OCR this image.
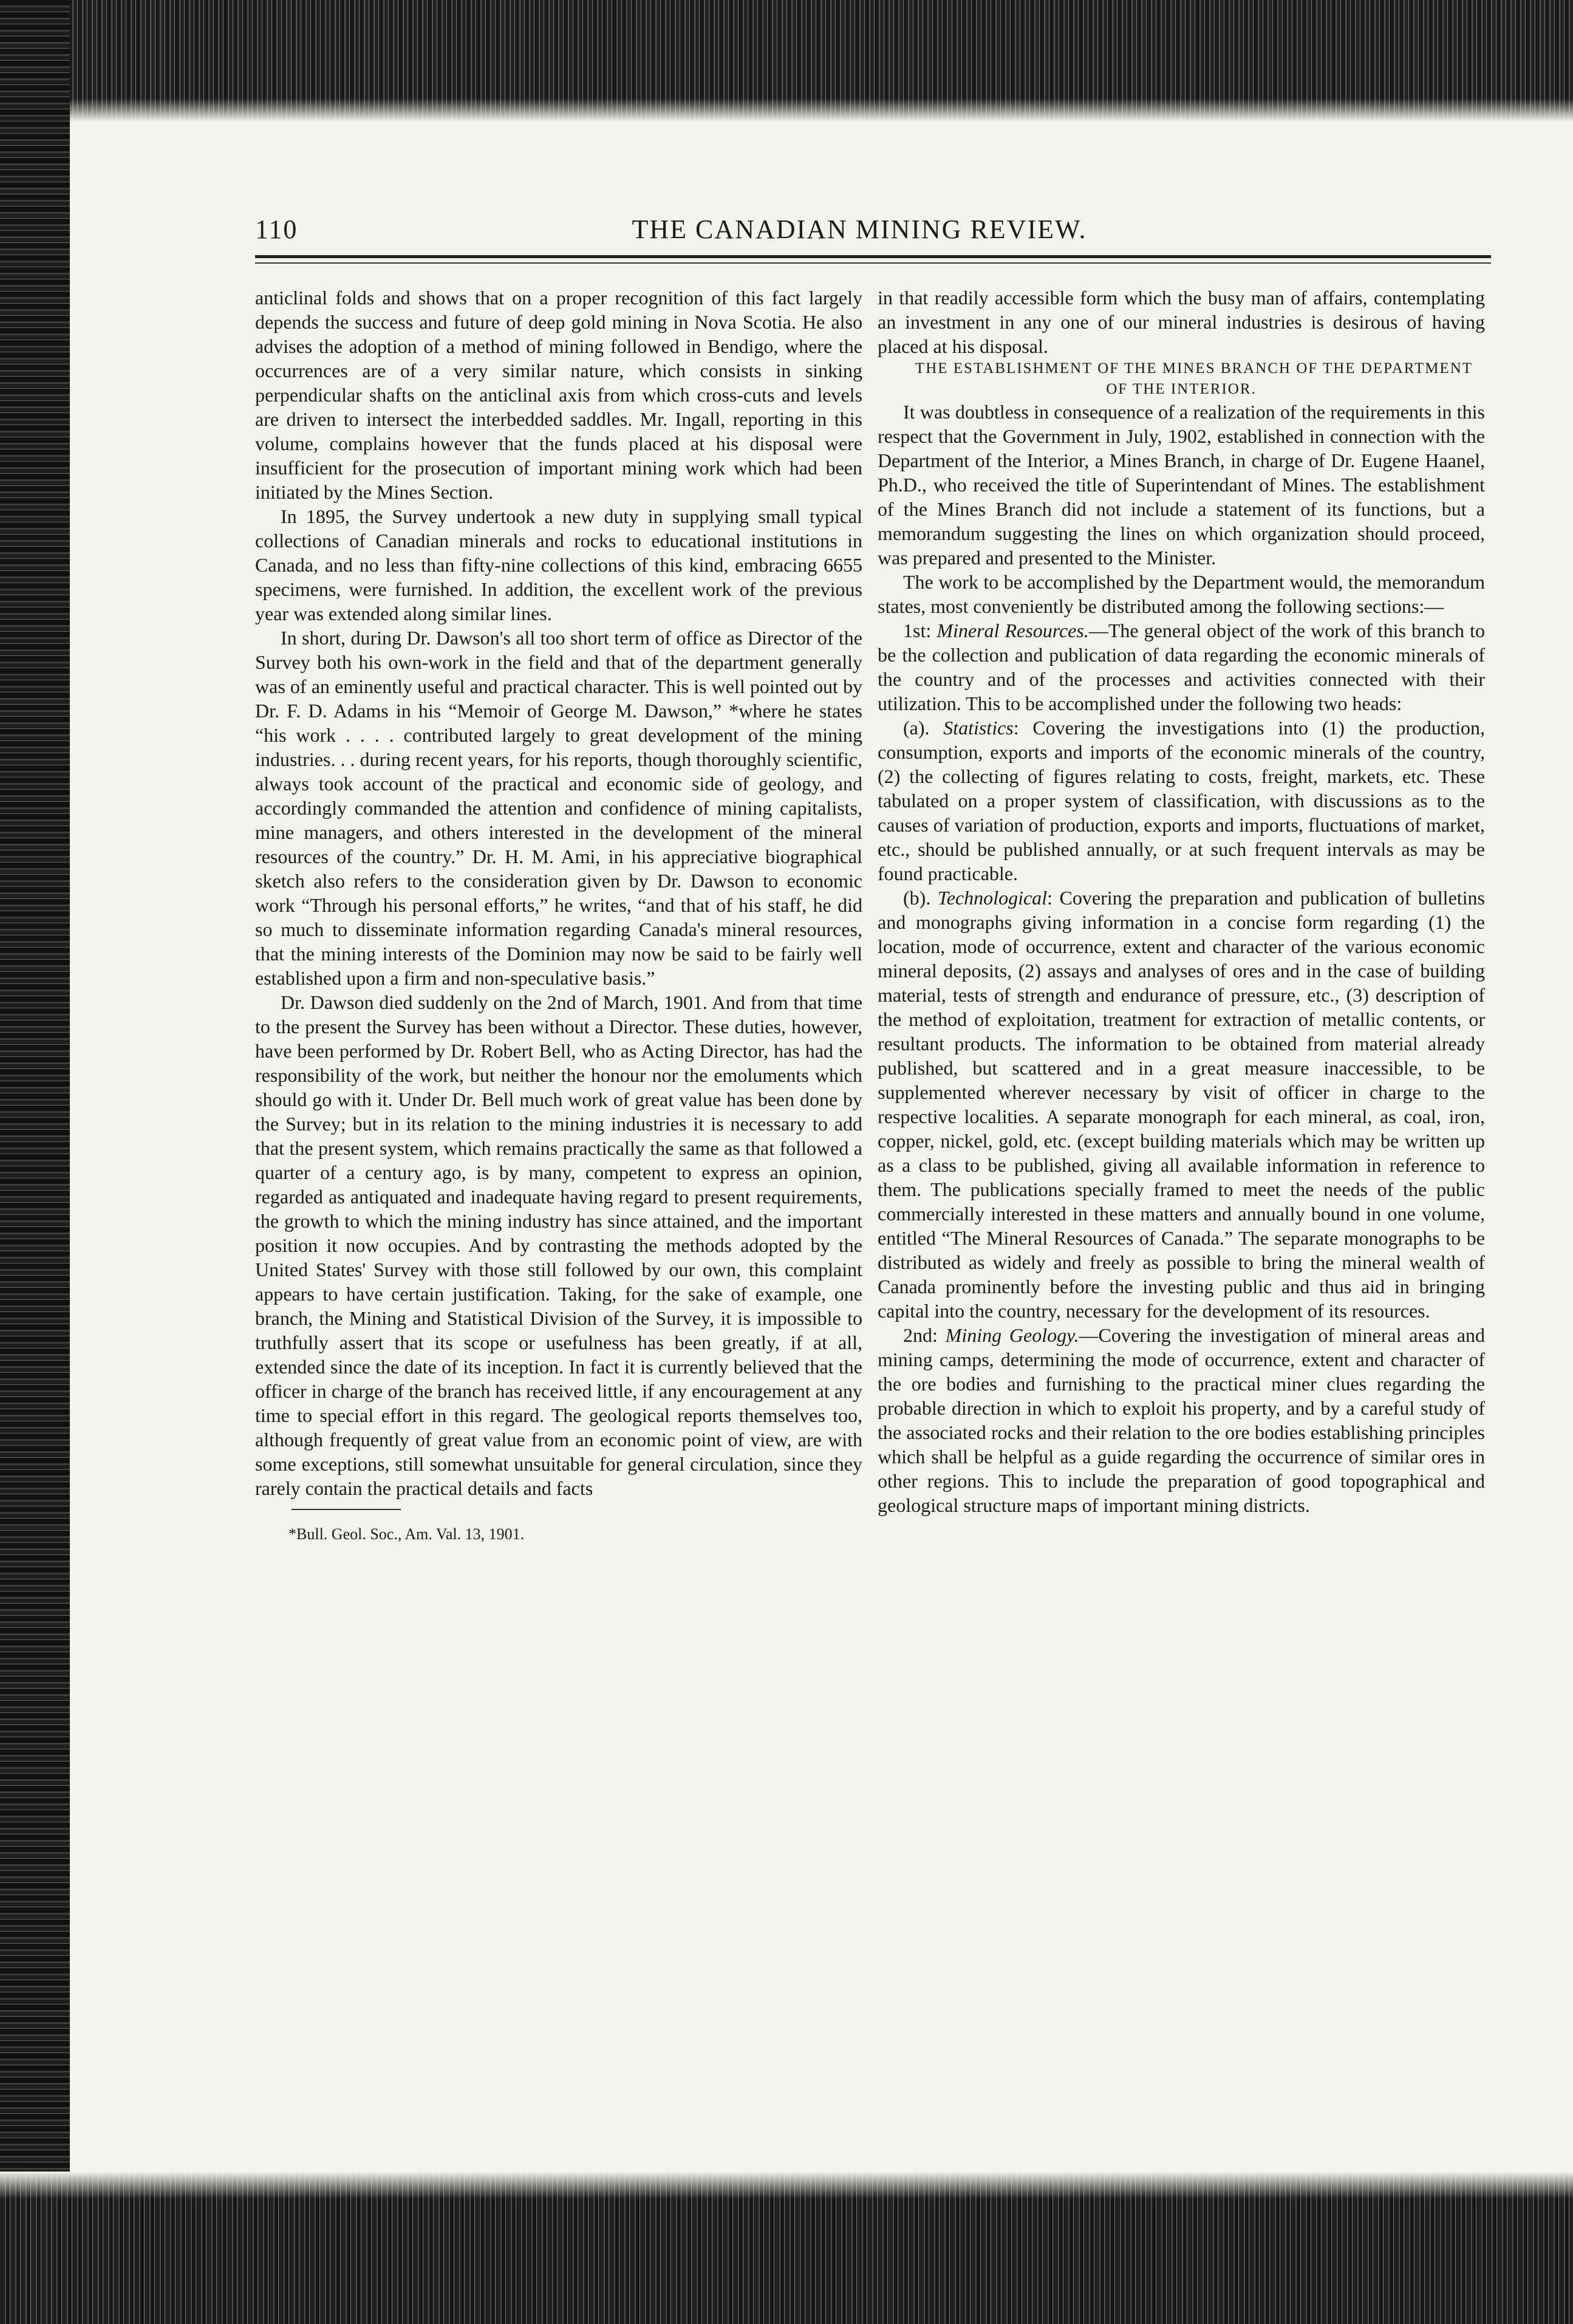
110	THE CANADIAN MINING REVIEW.

anticlinal folds and shows that on a proper recognition of this fact largely depends the success and future of deep gold mining in Nova Scotia. He also advises the adoption of a method of mining followed in Bendigo, where the occurrences are of a very similar nature, which consists in sinking perpendicular shafts on the anticlinal axis from which cross-cuts and levels are driven to intersect the interbedded saddles. Mr. Ingall, reporting in this volume, complains however that the funds placed at his disposal were insufficient for the prosecution of important mining work which had been initiated by the Mines Section.

In 1895, the Survey undertook a new duty in supplying small typical collections of Canadian minerals and rocks to educational institutions in Canada, and no less than fifty-nine collections of this kind, embracing 6655 specimens, were furnished. In addition, the excellent work of the previous year was extended along similar lines.

In short, during Dr. Dawson's all too short term of office as Director of the Survey both his own-work in the field and that of the department generally was of an eminently useful and practical character. This is well pointed out by Dr. F. D. Adams in his “Memoir of George M. Dawson,” *where he states “his work . . . . contributed largely to great development of the mining industries. . . during recent years, for his reports, though thoroughly scientific, always took account of the practical and economic side of geology, and accordingly commanded the attention and confidence of mining capitalists, mine managers, and others interested in the development of the mineral resources of the country.” Dr. H. M. Ami, in his appreciative biographical sketch also refers to the consideration given by Dr. Dawson to economic work “Through his personal efforts,” he writes, “and that of his staff, he did so much to disseminate information regarding Canada's mineral resources, that the mining interests of the Dominion may now be said to be fairly well established upon a firm and non-speculative basis.”

Dr. Dawson died suddenly on the 2nd of March, 1901. And from that time to the present the Survey has been without a Director. These duties, however, have been performed by Dr. Robert Bell, who as Acting Director, has had the responsibility of the work, but neither the honour nor the emoluments which should go with it. Under Dr. Bell much work of great value has been done by the Survey; but in its relation to the mining industries it is necessary to add that the present system, which remains practically the same as that followed a quarter of a century ago, is by many, competent to express an opinion, regarded as antiquated and inadequate having regard to present requirements, the growth to which the mining industry has since attained, and the important position it now occupies. And by contrasting the methods adopted by the United States' Survey with those still followed by our own, this complaint appears to have certain justification. Taking, for the sake of example, one branch, the Mining and Statistical Division of the Survey, it is impossible to truthfully assert that its scope or usefulness has been greatly, if at all, extended since the date of its inception. In fact it is currently believed that the officer in charge of the branch has received little, if any encouragement at any time to special effort in this regard. The geological reports themselves too, although frequently of great value from an economic point of view, are with some exceptions, still somewhat unsuitable for general circulation, since they rarely contain the practical details and facts

*Bull. Geol. Soc., Am. Val. 13, 1901.

in that readily accessible form which the busy man of affairs, contemplating an investment in any one of our mineral industries is desirous of having placed at his disposal.

THE ESTABLISHMENT OF THE MINES BRANCH OF THE DEPARTMENT OF THE INTERIOR.

It was doubtless in consequence of a realization of the requirements in this respect that the Government in July, 1902, established in connection with the Department of the Interior, a Mines Branch, in charge of Dr. Eugene Haanel, Ph.D., who received the title of Superintendant of Mines. The establishment of the Mines Branch did not include a statement of its functions, but a memorandum suggesting the lines on which organization should proceed, was prepared and presented to the Minister.

The work to be accomplished by the Department would, the memorandum states, most conveniently be distributed among the following sections:—

1st: Mineral Resources.—The general object of the work of this branch to be the collection and publication of data regarding the economic minerals of the country and of the processes and activities connected with their utilization. This to be accomplished under the following two heads:

(a). Statistics: Covering the investigations into (1) the production, consumption, exports and imports of the economic minerals of the country, (2) the collecting of figures relating to costs, freight, markets, etc. These tabulated on a proper system of classification, with discussions as to the causes of variation of production, exports and imports, fluctuations of market, etc., should be published annually, or at such frequent intervals as may be found practicable.

(b). Technological: Covering the preparation and publication of bulletins and monographs giving information in a concise form regarding (1) the location, mode of occurrence, extent and character of the various economic mineral deposits, (2) assays and analyses of ores and in the case of building material, tests of strength and endurance of pressure, etc., (3) description of the method of exploitation, treatment for extraction of metallic contents, or resultant products. The information to be obtained from material already published, but scattered and in a great measure inaccessible, to be supplemented wherever necessary by visit of officer in charge to the respective localities. A separate monograph for each mineral, as coal, iron, copper, nickel, gold, etc. (except building materials which may be written up as a class to be published, giving all available information in reference to them. The publications specially framed to meet the needs of the public commercially interested in these matters and annually bound in one volume, entitled “The Mineral Resources of Canada.” The separate monographs to be distributed as widely and freely as possible to bring the mineral wealth of Canada prominently before the investing public and thus aid in bringing capital into the country, necessary for the development of its resources.

2nd: Mining Geology.—Covering the investigation of mineral areas and mining camps, determining the mode of occurrence, extent and character of the ore bodies and furnishing to the practical miner clues regarding the probable direction in which to exploit his property, and by a careful study of the associated rocks and their relation to the ore bodies establishing principles which shall be helpful as a guide regarding the occurrence of similar ores in other regions. This to include the preparation of good topographical and geological structure maps of important mining districts.
